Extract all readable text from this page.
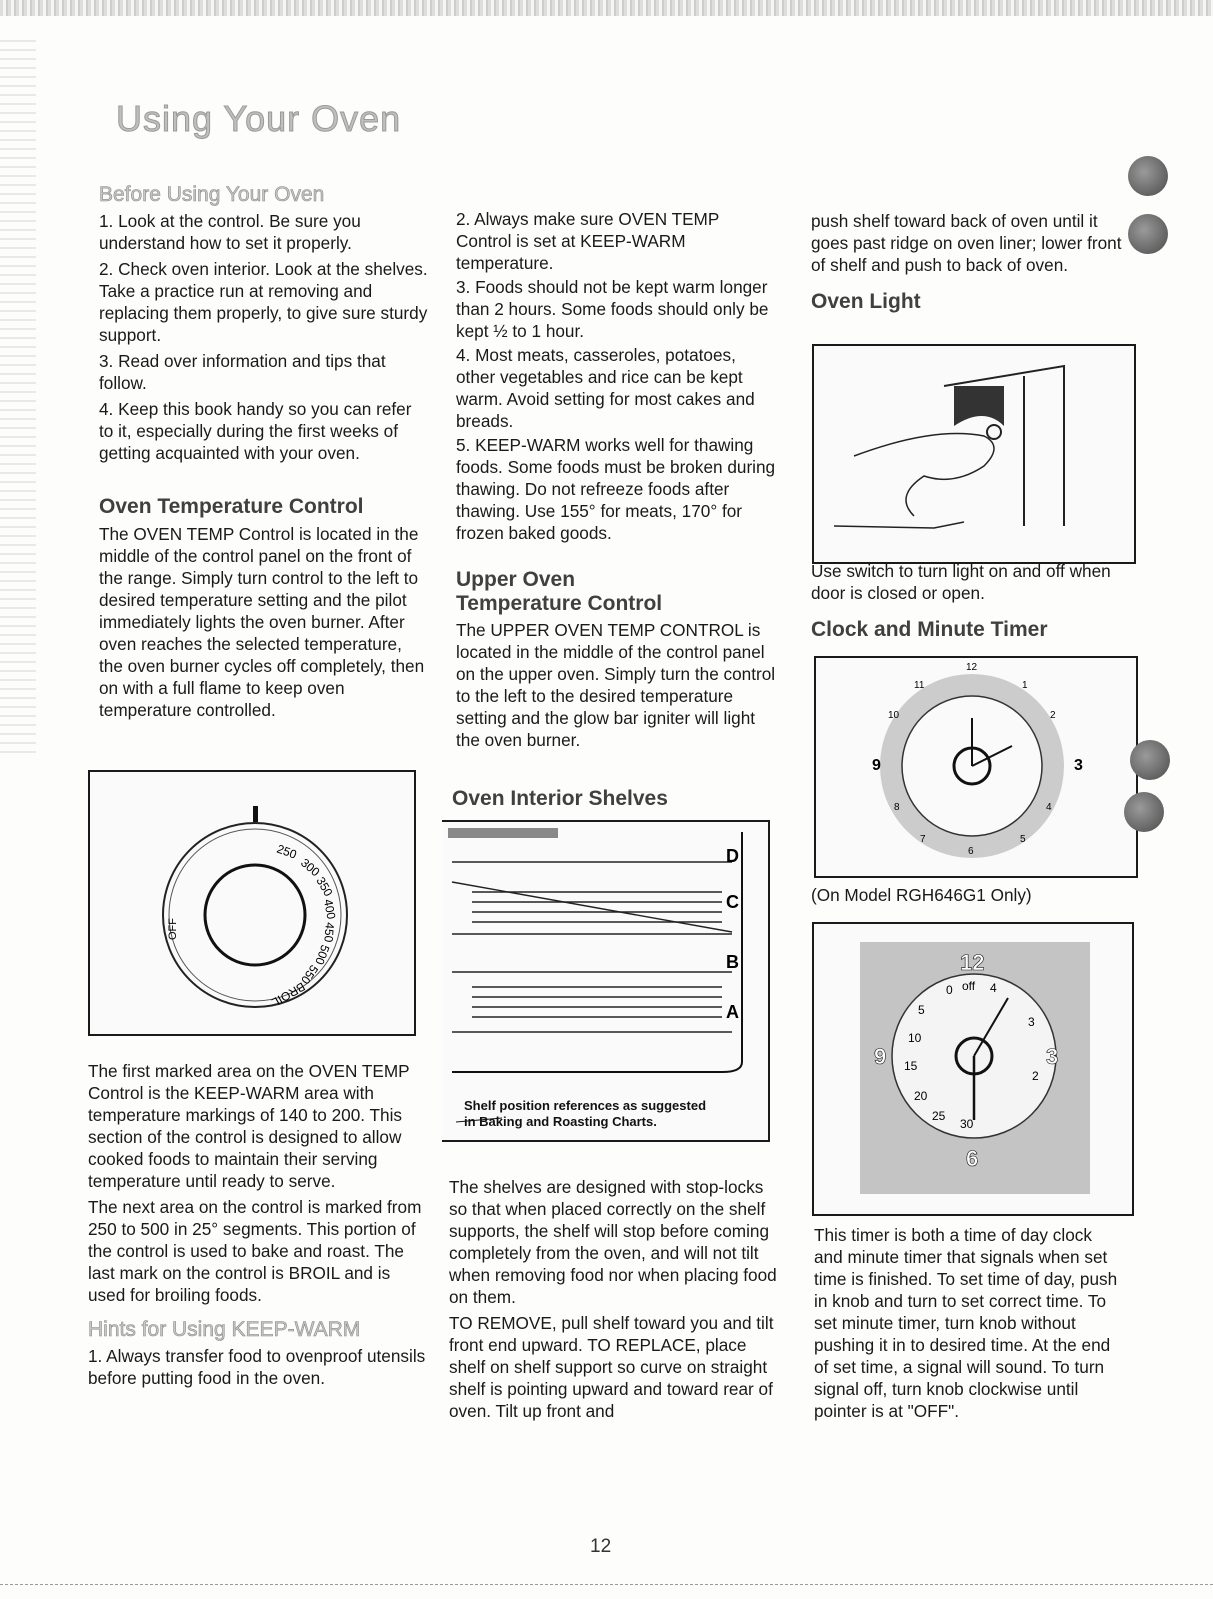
Using Your Oven
Before Using Your Oven

1. Look at the control. Be sure you understand how to set it properly.

2. Check oven interior. Look at the shelves. Take a practice run at removing and replacing them properly, to give sure sturdy support.

3. Read over information and tips that follow.

4. Keep this book handy so you can refer to it, especially during the first weeks of getting acquainted with your oven.

Oven Temperature Control

The OVEN TEMP Control is located in the middle of the control panel on the front of the range. Simply turn control to the left to desired temperature setting and the pilot immediately lights the oven burner. After oven reaches the selected temperature, the oven burner cycles off completely, then on with a full flame to keep oven temperature controlled.

OFF
250
300
350
400
450
500
550
BROIL

The first marked area on the OVEN TEMP Control is the KEEP-WARM area with temperature markings of 140 to 200. This section of the control is designed to allow cooked foods to maintain their serving temperature until ready to serve.

The next area on the control is marked from 250 to 500 in 25° segments. This portion of the control is used to bake and roast. The last mark on the control is BROIL and is used for broiling foods.

Hints for Using KEEP-WARM

1. Always transfer food to ovenproof utensils before putting food in the oven.

2. Always make sure OVEN TEMP Control is set at KEEP-WARM temperature.

3. Foods should not be kept warm longer than 2 hours. Some foods should only be kept ½ to 1 hour.

4. Most meats, casseroles, potatoes, other vegetables and rice can be kept warm. Avoid setting for most cakes and breads.

5. KEEP-WARM works well for thawing foods. Some foods must be broken during thawing. Do not refreeze foods after thawing. Use 155° for meats, 170° for frozen baked goods.

Upper Oven
Temperature Control

The UPPER OVEN TEMP CONTROL is located in the middle of the control panel on the upper oven. Simply turn the control to the left to the desired temperature setting and the glow bar igniter will light the oven burner.

Oven Interior Shelves
D
C
B
A
Shelf position references as suggested
in Baking and Roasting Charts.

The shelves are designed with stop-locks so that when placed correctly on the shelf supports, the shelf will stop before coming completely from the oven, and will not tilt when removing food nor when placing food on them.

TO REMOVE, pull shelf toward you and tilt front end upward. TO REPLACE, place shelf on shelf support so curve on straight shelf is pointing upward and toward rear of oven. Tilt up front and

push shelf toward back of oven until it goes past ridge on oven liner; lower front of shelf and push to back of oven.

Oven Light

Use switch to turn light on and off when door is closed or open.

Clock and Minute Timer
12
1
2
3
4
5
6
7
8
9
10
11

(On Model RGH646G1 Only)

12
3
6
9
0 off 4
5
10
15
20
25
30
3
2

This timer is both a time of day clock and minute timer that signals when set time is finished. To set time of day, push in knob and turn to set correct time. To set minute timer, turn knob without pushing it in to desired time. At the end of set time, a signal will sound. To turn signal off, turn knob clockwise until pointer is at "OFF".

12
